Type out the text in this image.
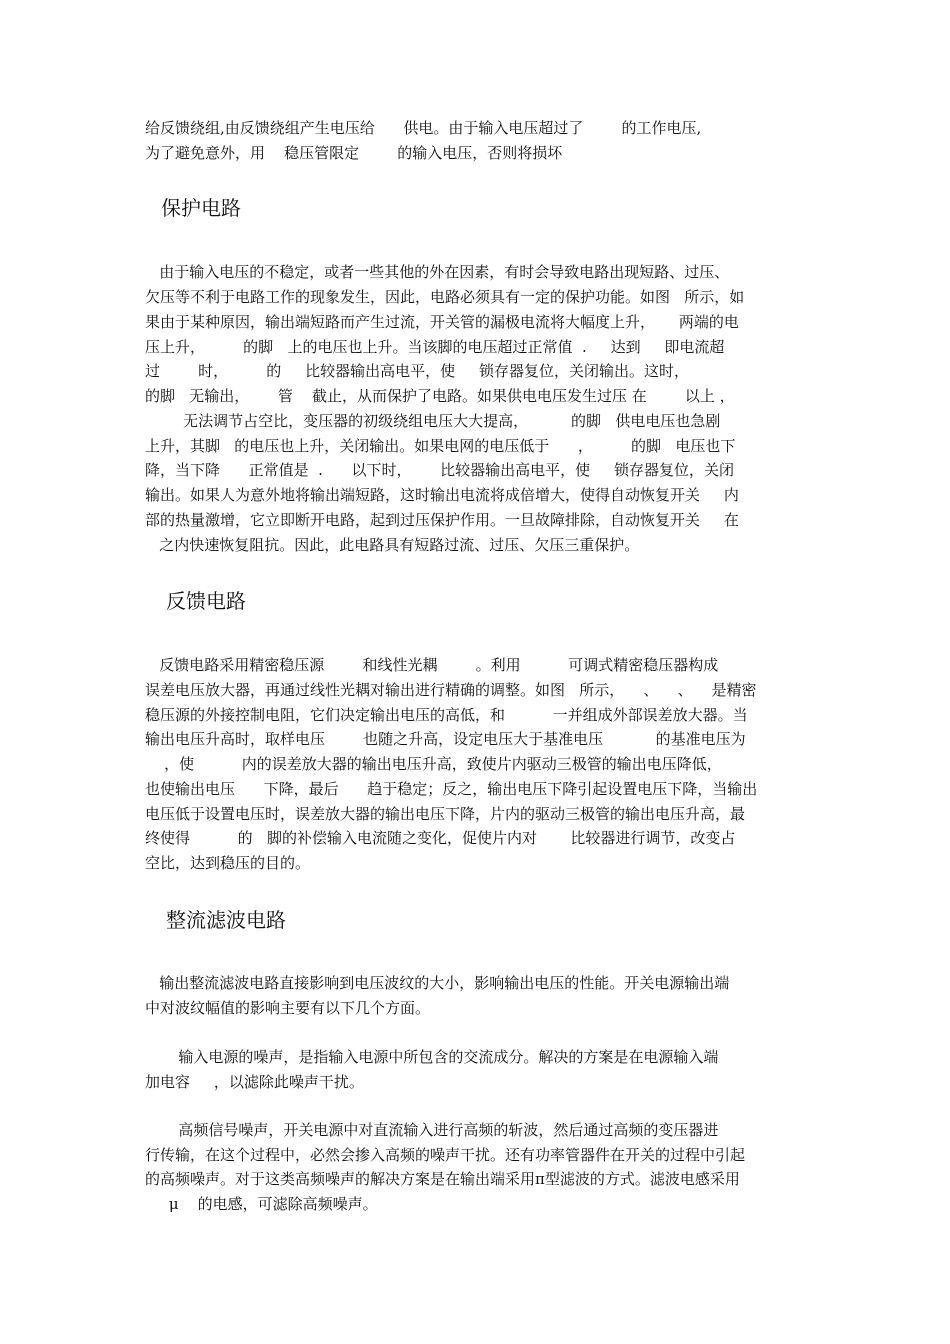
给反馈绕组,由反馈绕组产生电压给      供电。由于输入电压超过了        的工作电压,

为了避免意外，用    稳压管限定        的输入电压，否则将损坏

保护电路

由于输入电压的不稳定，或者一些其他的外在因素，有时会导致电路出现短路、过压、

欠压等不利于电路工作的现象发生，因此，电路必须具有一定的保护功能。如图   所示，如

果由于某种原因，输出端短路而产生过流，开关管的漏极电流将大幅度上升，     两端的电

压上升，        的脚   上的电压也上升。当该脚的电压超过正常值  .     达到     即电流超

过        时，        的     比较器输出高电平，使     锁存器复位，关闭输出。这时，

的脚   无输出，      管    截止，从而保护了电路。如果供电电压发生过压 在        以上 ，

无法调节占空比，变压器的初级绕组电压大大提高，         的脚   供电电压也急剧

上升，其脚   的电压也上升，关闭输出。如果电网的电压低于      ，        的脚   电压也下

降，当下降      正常值是  .      以下时，      比较器输出高电平，使     锁存器复位，关闭

输出。如果人为意外地将输出端短路，这时输出电流将成倍增大，使得自动恢复开关     内

部的热量激增，它立即断开电路，起到过压保护作用。一旦故障排除，自动恢复开关     在

之内快速恢复阻抗。因此，此电路具有短路过流、过压、欠压三重保护。

反馈电路

反馈电路采用精密稳压源        和线性光耦        。利用          可调式精密稳压器构成

误差电压放大器，再通过线性光耦对输出进行精确的调整。如图   所示，    、    、    是精密

稳压源的外接控制电阻，它们决定输出电压的高低，和          一并组成外部误差放大器。当

输出电压升高时，取样电压        也随之升高，设定电压大于基准电压           的基准电压为

，使          内的误差放大器的输出电压升高，致使片内驱动三极管的输出电压降低，

也使输出电压      下降，最后      趋于稳定；反之，输出电压下降引起设置电压下降，当输出

电压低于设置电压时，误差放大器的输出电压下降，片内的驱动三极管的输出电压升高，最

终使得          的   脚的补偿输入电流随之变化，促使片内对       比较器进行调节，改变占

空比，达到稳压的目的。

整流滤波电路

输出整流滤波电路直接影响到电压波纹的大小，影响输出电压的性能。开关电源输出端

中对波纹幅值的影响主要有以下几个方面。

输入电源的噪声，是指输入电源中所包含的交流成分。解决的方案是在电源输入端

加电容     ，以滤除此噪声干扰。

高频信号噪声，开关电源中对直流输入进行高频的斩波，然后通过高频的变压器进

行传输，在这个过程中，必然会掺入高频的噪声干扰。还有功率管器件在开关的过程中引起

的高频噪声。对于这类高频噪声的解决方案是在输出端采用π型滤波的方式。滤波电感采用

μ    的电感，可滤除高频噪声。
